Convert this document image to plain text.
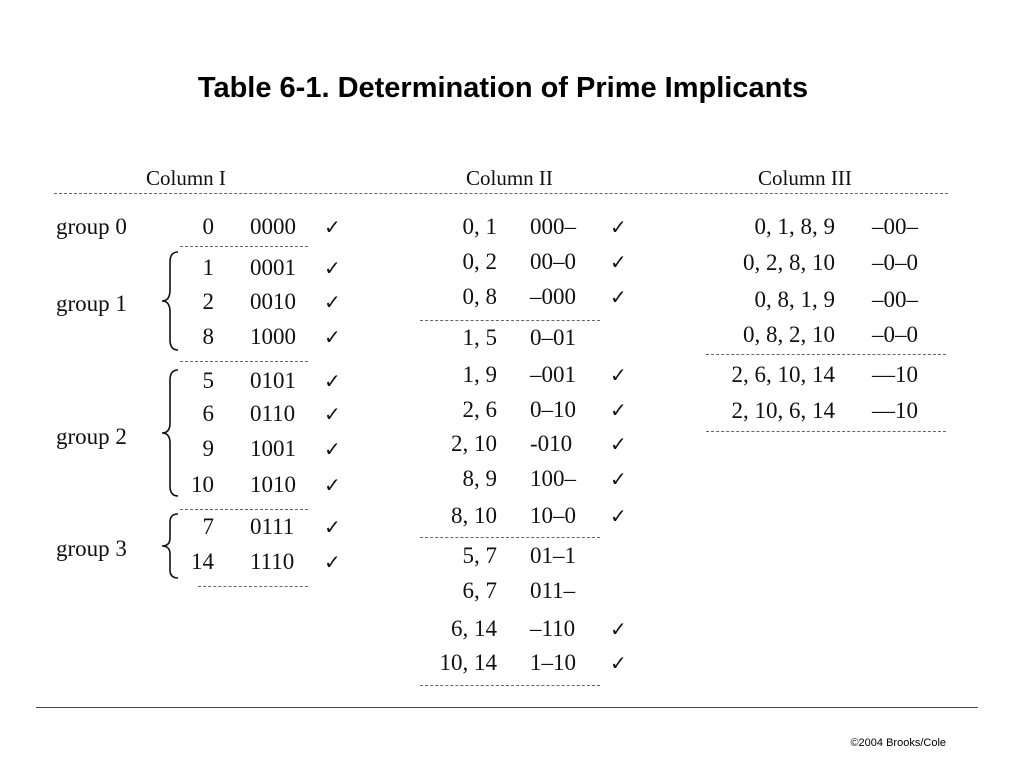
Table 6-1. Determination of Prime Implicants
Column I	Column II	Column III
group 0
group 1
group 2
group 3
0 0000 ✓
1 0001 ✓
2 0010 ✓
8 1000 ✓
5 0101 ✓
6 0110 ✓
9 1001 ✓
10 1010 ✓
7 0111 ✓
14 1110 ✓
0, 1 000– ✓
0, 2 00–0 ✓
0, 8 –000 ✓
1, 5 0–01
1, 9 –001 ✓
2, 6 0–10 ✓
2, 10 -010 ✓
8, 9 100– ✓
8, 10 10–0 ✓
5, 7 01–1
6, 7 011–
6, 14 –110 ✓
10, 14 1–10 ✓
0, 1, 8, 9 –00–
0, 2, 8, 10 –0–0
0, 8, 1, 9 –00–
0, 8, 2, 10 –0–0
2, 6, 10, 14 ––10
2, 10, 6, 14 ––10
©2004 Brooks/Cole
